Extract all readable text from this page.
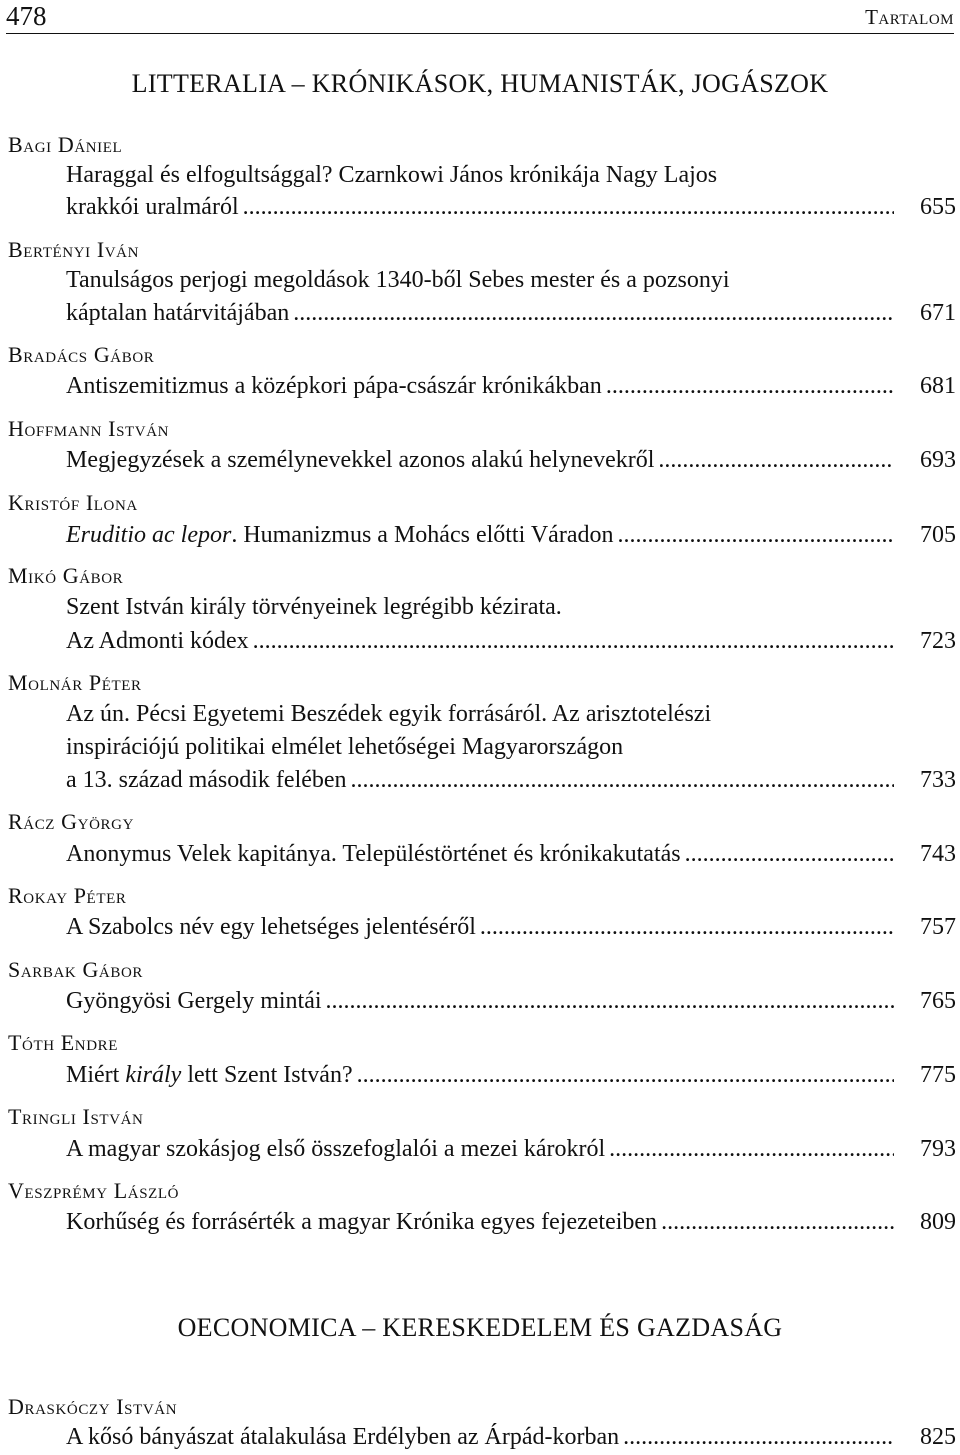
478	Tartalom
LITTERALIA – KRÓNIKÁSOK, HUMANISTÁK, JOGÁSZOK
Bagi Dániel
Haraggal és elfogultsággal? Czarnkowi János krónikája Nagy Lajos
krakkói uralmáról . . .	655
Bertényi Iván
Tanulságos perjogi megoldások 1340-ből Sebes mester és a pozsonyi
káptalan határvitájában . . .	671
Bradács Gábor
Antiszemitizmus a középkori pápa-császár krónikákban . . .	681
Hoffmann István
Megjegyzések a személynevekkel azonos alakú helynevekről . . .	693
Kristóf Ilona
Eruditio ac lepor. Humanizmus a Mohács előtti Váradon . . .	705
Mikó Gábor
Szent István király törvényeinek legrégibb kézirata.
Az Admonti kódex . . .	723
Molnár Péter
Az ún. Pécsi Egyetemi Beszédek egyik forrásáról. Az arisztotelészi
inspirációjú politikai elmélet lehetőségei Magyarországon
a 13. század második felében . . .	733
Rácz György
Anonymus Velek kapitánya. Településtörténet és krónikakutatás . . .	743
Rokay Péter
A Szabolcs név egy lehetséges jelentéséről . . .	757
Sarbak Gábor
Gyöngyösi Gergely mintái . . .	765
Tóth Endre
Miért király lett Szent István? . . .	775
Tringli István
A magyar szokásjog első összefoglalói a mezei károkról . . .	793
Veszprémy László
Korhűség és forrásérték a magyar Krónika egyes fejezeteiben . . .	809
OECONOMICA – KERESKEDELEM ÉS GAZDASÁG
Draskóczy István
A kősó bányászat átalakulása Erdélyben az Árpád-korban . . .	825
